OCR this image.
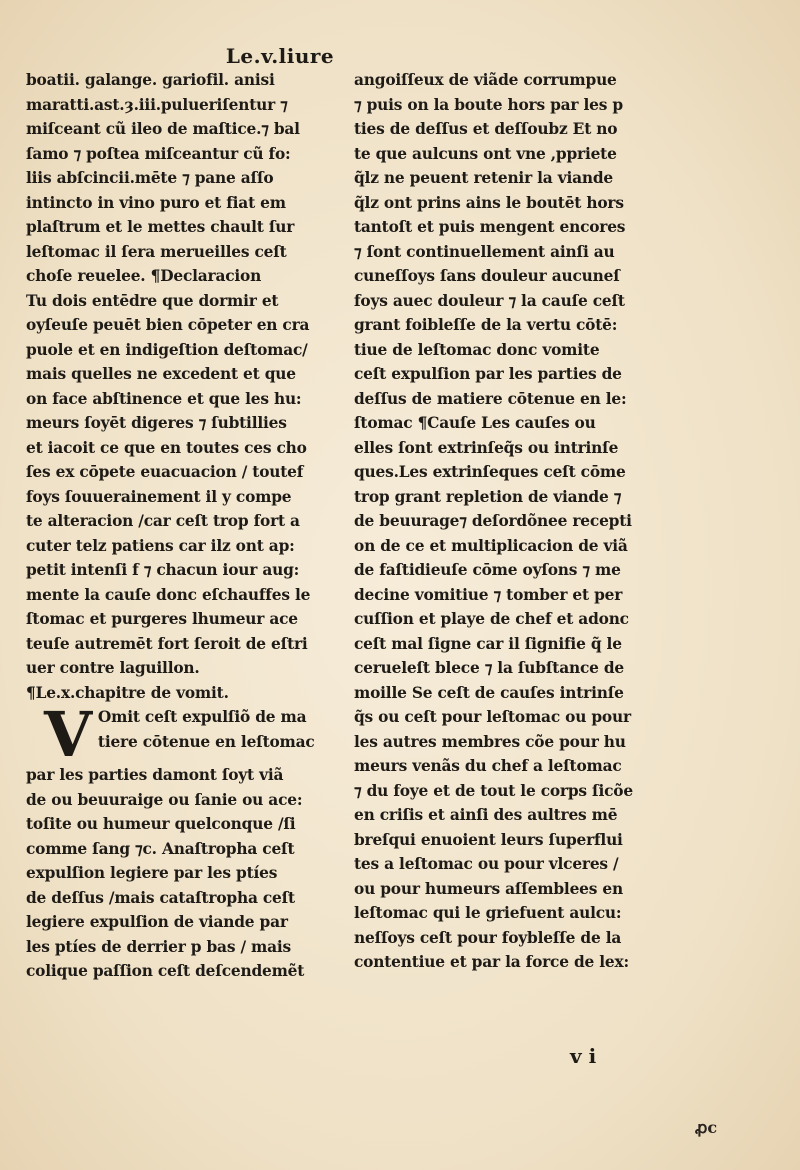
Le.v.liure
boatii. galange. gariofil. anisi
maratti.ast.ȝ.iii.pulueriſentur ⁊
miſceant cũ ileo de maſtice.⁊ bal
ſamo ⁊ poſtea miſceantur cũ fo:
liis abſcincii.mēte ⁊ pane aſſo
intincto in vino puro et fiat em
plaſtrum et le mettes chault ſur
leſtomac il ſera merueilles ceſt
choſe reuelee. ¶Declaracion
Tu dois entēdre que dormir et
oyſeuſe peuēt bien cōpeter en cra
puole et en indigeſtion deſtomac/
mais quelles ne excedent et que
on face abſtinence et que les hu:
meurs ſoyēt digeres ⁊ ſubtillies
et iacoit ce que en toutes ces cho
ſes ex cōpete euacuacion / toutef
foys ſouuerainement il y compe
te alteracion /car ceſt trop fort a
cuter telz patiens car ilz ont ap:
petit intenſi f ⁊ chacun iour aug:
mente la cauſe donc eſchauffes le
ſtomac et purgeres lhumeur ace
teuſe autremēt fort ſeroit de eſtri
uer contre laguillon.
¶Le.x.chapitre de vomit.
V Omit ceſt expulſiõ de ma
tiere cōtenue en leſtomac
par les parties damont ſoyt viã
de ou beuuraige ou ſanie ou ace:
toſite ou humeur quelconque /ſi
comme ſang ⁊c. Anaſtropha ceſt
expulſion legiere par les ptíes
de deſſus /mais cataſtropha ceſt
legiere expulſion de viande par
les ptíes de derrier p bas / mais
colique paſſion ceſt deſcendemẽt
angoiſſeux de viãde corrumpue
⁊ puis on la boute hors par les p
ties de deſſus et deſſoubz Et no
te que aulcuns ont vne ,ppriete
q̃lz ne peuent retenir la viande
q̃lz ont prins ains le boutēt hors
tantoſt et puis mengent encores
⁊ ſont continuellement ainſi au
cuneſſoys ſans douleur aucuneſ
foys auec douleur ⁊ la cauſe ceſt
grant foibleſſe de la vertu cōtē:
tiue de leſtomac donc vomite
ceſt expulſion par les parties de
deſſus de matiere cōtenue en le:
ſtomac ¶Cauſe Les cauſes ou
elles ſont extrinſeq̃s ou intrinſe
ques.Les extrinſeques ceſt cōme
trop grant repletion de viande ⁊
de beuurage⁊ deſordõnee recepti
on de ce et multiplicacion de viã
de faſtidieuſe cōme oyſons ⁊ me
decine vomitiue ⁊ tomber et per
cuſſion et playe de chef et adonc
ceſt mal ſigne car il ſignifie q̃ le
cerueleſt blece ⁊ la ſubſtance de
moille Se ceſt de cauſes intrinſe
q̃s ou ceſt pour leſtomac ou pour
les autres membres cõe pour hu
meurs venãs du chef a leſtomac
⁊ du foye et de tout le corps ſicõe
en criſis et ainſi des aultres mē
breſqui enuoient leurs ſuperflui
tes a leſtomac ou pour vlceres /
ou pour humeurs aſſemblees en
leſtomac qui le griefuent aulcu:
neſſoys ceſt pour foybleſſe de la
contentiue et par la force de lex:
v i
ꝓc
